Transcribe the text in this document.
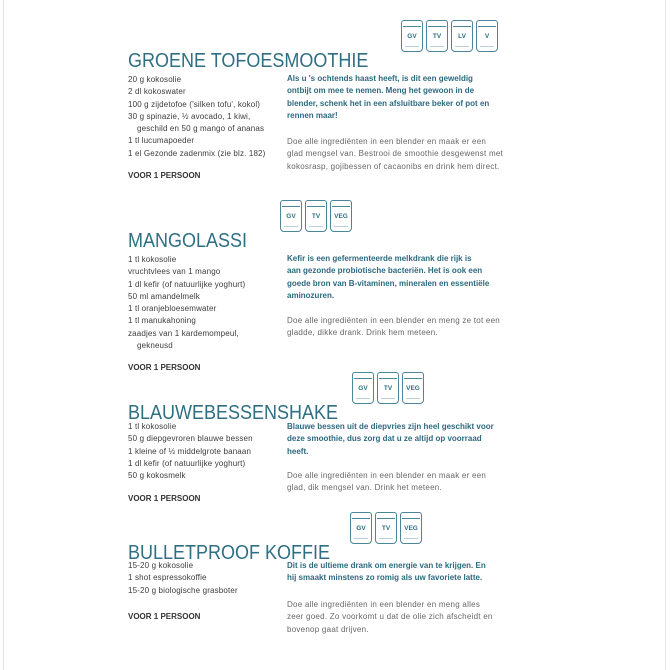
GROENE TOFOESMOOTHIE
GV	TV	LV	V
20 g kokosolie
2 dl kokoswater
100 g zijdetofoe ('silken tofu', kokol)
30 g spinazie, ½ avocado, 1 kiwi,
geschild en 50 g mango of ananas
1 tl lucumapoeder
1 el Gezonde zadenmix (zie blz. 182)
VOOR 1 PERSOON
Als u 's ochtends haast heeft, is dit een geweldig
ontbijt om mee te nemen. Meng het gewoon in de
blender, schenk het in een afsluitbare beker of pot en
rennen maar!
Doe alle ingrediënten in een blender en maak er een
glad mengsel van. Bestrooi de smoothie desgewenst met
kokosrasp, gojibessen of cacaonibs en drink hem direct.
MANGOLASSI
GV	TV	VEG
1 tl kokosolie
vruchtvlees van 1 mango
1 dl kefir (of natuurlijke yoghurt)
50 ml amandelmelk
1 tl oranjebloesemwater
1 tl manukahoning
zaadjes van 1 kardemompeul,
gekneusd
VOOR 1 PERSOON
Kefir is een gefermenteerde melkdrank die rijk is
aan gezonde probiotische bacteriën. Het is ook een
goede bron van B-vitaminen, mineralen en essentiële
aminozuren.
Doe alle ingrediënten in een blender en meng ze tot een
gladde, dikke drank. Drink hem meteen.
BLAUWEBESSENSHAKE
GV	TV	VEG
1 tl kokosolie
50 g diepgevroren blauwe bessen
1 kleine of ½ middelgrote banaan
1 dl kefir (of natuurlijke yoghurt)
50 g kokosmelk
VOOR 1 PERSOON
Blauwe bessen uit de diepvries zijn heel geschikt voor
deze smoothie, dus zorg dat u ze altijd op voorraad
heeft.
Doe alle ingrediënten in een blender en maak er een
glad, dik mengsel van. Drink het meteen.
BULLETPROOF KOFFIE
GV	TV	VEG
15-20 g kokosolie
1 shot espressokoffie
15-20 g biologische grasboter
VOOR 1 PERSOON
Dit is de ultieme drank om energie van te krijgen. En
hij smaakt minstens zo romig als uw favoriete latte.
Doe alle ingrediënten in een blender en meng alles
zeer goed. Zo voorkomt u dat de olie zich afscheidt en
bovenop gaat drijven.
